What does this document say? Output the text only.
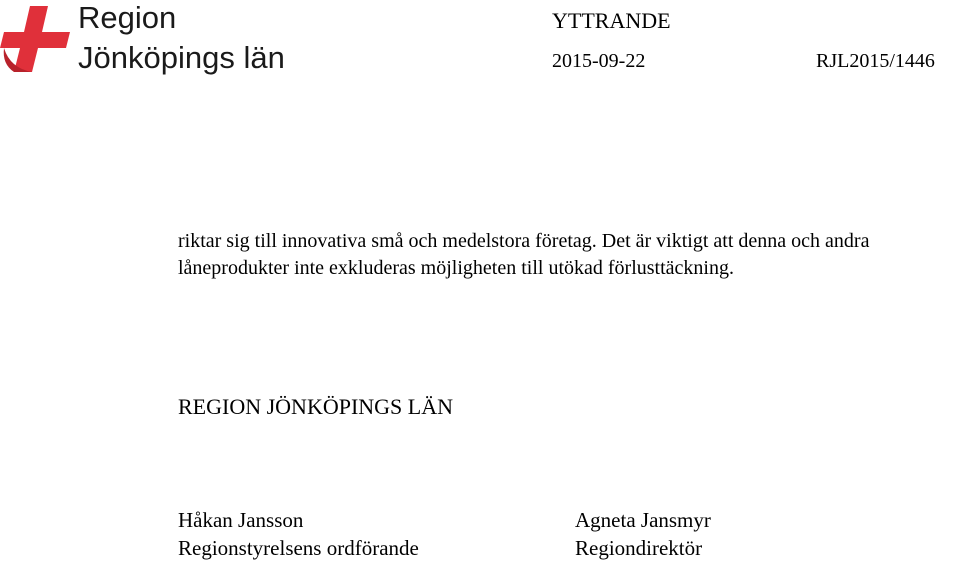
Region
Jönköpings län
YTTRANDE
2015-09-22	RJL2015/1446

riktar sig till innovativa små och medelstora företag. Det är viktigt att denna och andra låneprodukter inte exkluderas möjligheten till utökad förlusttäckning.

REGION JÖNKÖPINGS LÄN
Håkan Jansson
Regionstyrelsens ordförande
Agneta Jansmyr
Regiondirektör
